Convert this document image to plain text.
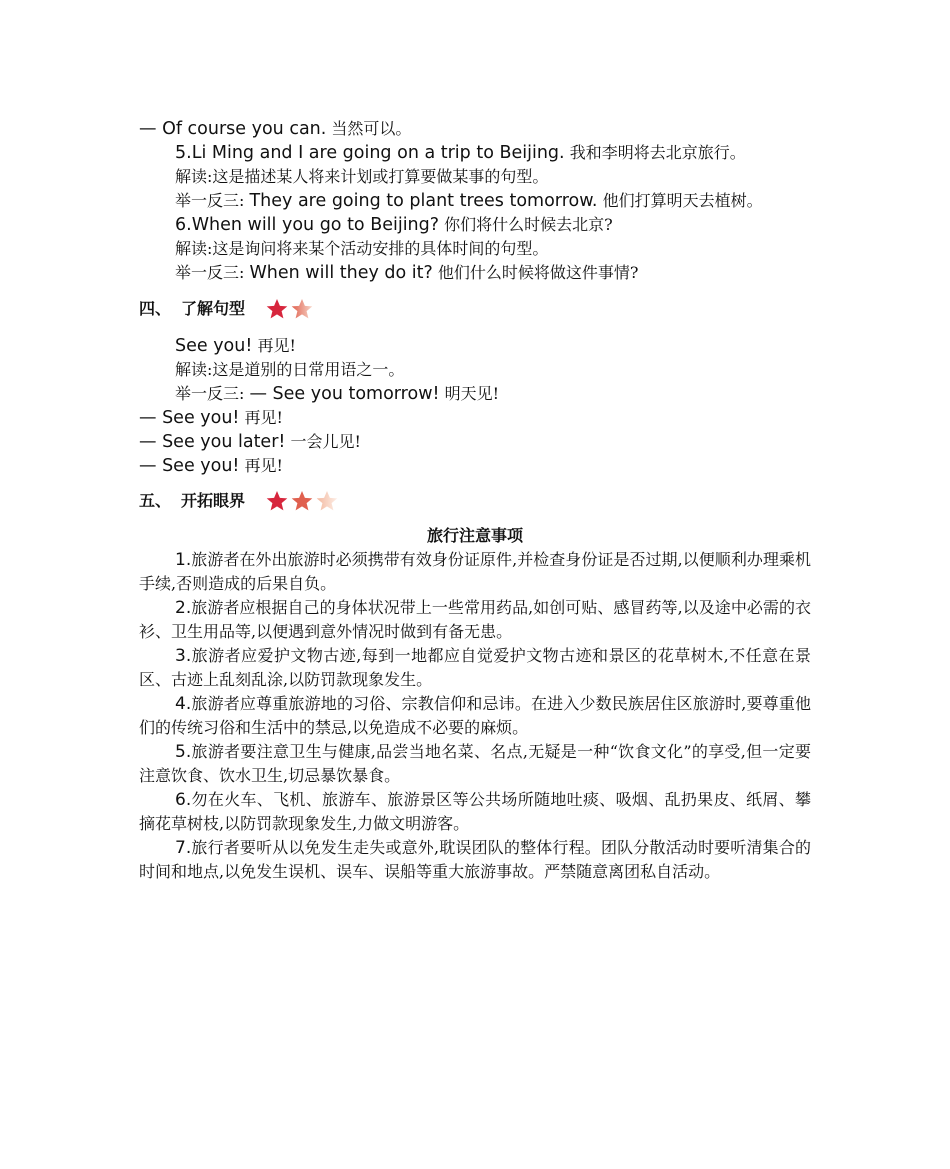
— Of course you can. 当然可以。
5.Li Ming and I are going on a trip to Beijing. 我和李明将去北京旅行。
解读:这是描述某人将来计划或打算要做某事的句型。
举一反三: They are going to plant trees tomorrow. 他们打算明天去植树。
6.When will you go to Beijing? 你们将什么时候去北京?
解读:这是询问将来某个活动安排的具体时间的句型。
举一反三: When will they do it? 他们什么时候将做这件事情?
四、 了解句型
See you! 再见!
解读:这是道别的日常用语之一。
举一反三: — See you tomorrow! 明天见!
— See you! 再见!
— See you later! 一会儿见!
— See you! 再见!
五、 开拓眼界
旅行注意事项

1.旅游者在外出旅游时必须携带有效身份证原件,并检查身份证是否过期,以便顺利办理乘机手续,否则造成的后果自负。

2.旅游者应根据自己的身体状况带上一些常用药品,如创可贴、感冒药等,以及途中必需的衣衫、卫生用品等,以便遇到意外情况时做到有备无患。

3.旅游者应爱护文物古迹,每到一地都应自觉爱护文物古迹和景区的花草树木,不任意在景区、古迹上乱刻乱涂,以防罚款现象发生。

4.旅游者应尊重旅游地的习俗、宗教信仰和忌讳。在进入少数民族居住区旅游时,要尊重他们的传统习俗和生活中的禁忌,以免造成不必要的麻烦。

5.旅游者要注意卫生与健康,品尝当地名菜、名点,无疑是一种“饮食文化”的享受,但一定要注意饮食、饮水卫生,切忌暴饮暴食。

6.勿在火车、飞机、旅游车、旅游景区等公共场所随地吐痰、吸烟、乱扔果皮、纸屑、攀摘花草树枝,以防罚款现象发生,力做文明游客。

7.旅行者要听从以免发生走失或意外,耽误团队的整体行程。团队分散活动时要听清集合的时间和地点,以免发生误机、误车、误船等重大旅游事故。严禁随意离团私自活动。
